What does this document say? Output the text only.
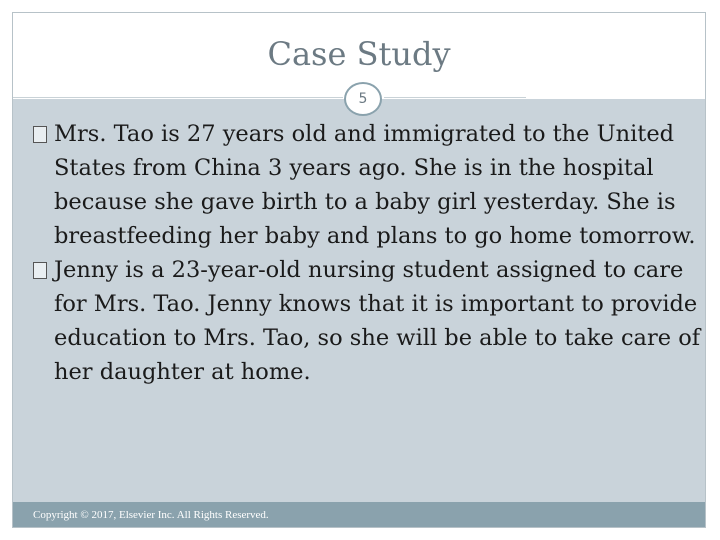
Case Study
Mrs. Tao is 27 years old and immigrated to the United States from China 3 years ago. She is in the hospital because she gave birth to a baby girl yesterday. She is breastfeeding her baby and plans to go home tomorrow.
Jenny is a 23-year-old nursing student assigned to care for Mrs. Tao. Jenny knows that it is important to provide education to Mrs. Tao, so she will be able to take care of her daughter at home.
5
Copyright © 2017, Elsevier Inc. All Rights Reserved.
